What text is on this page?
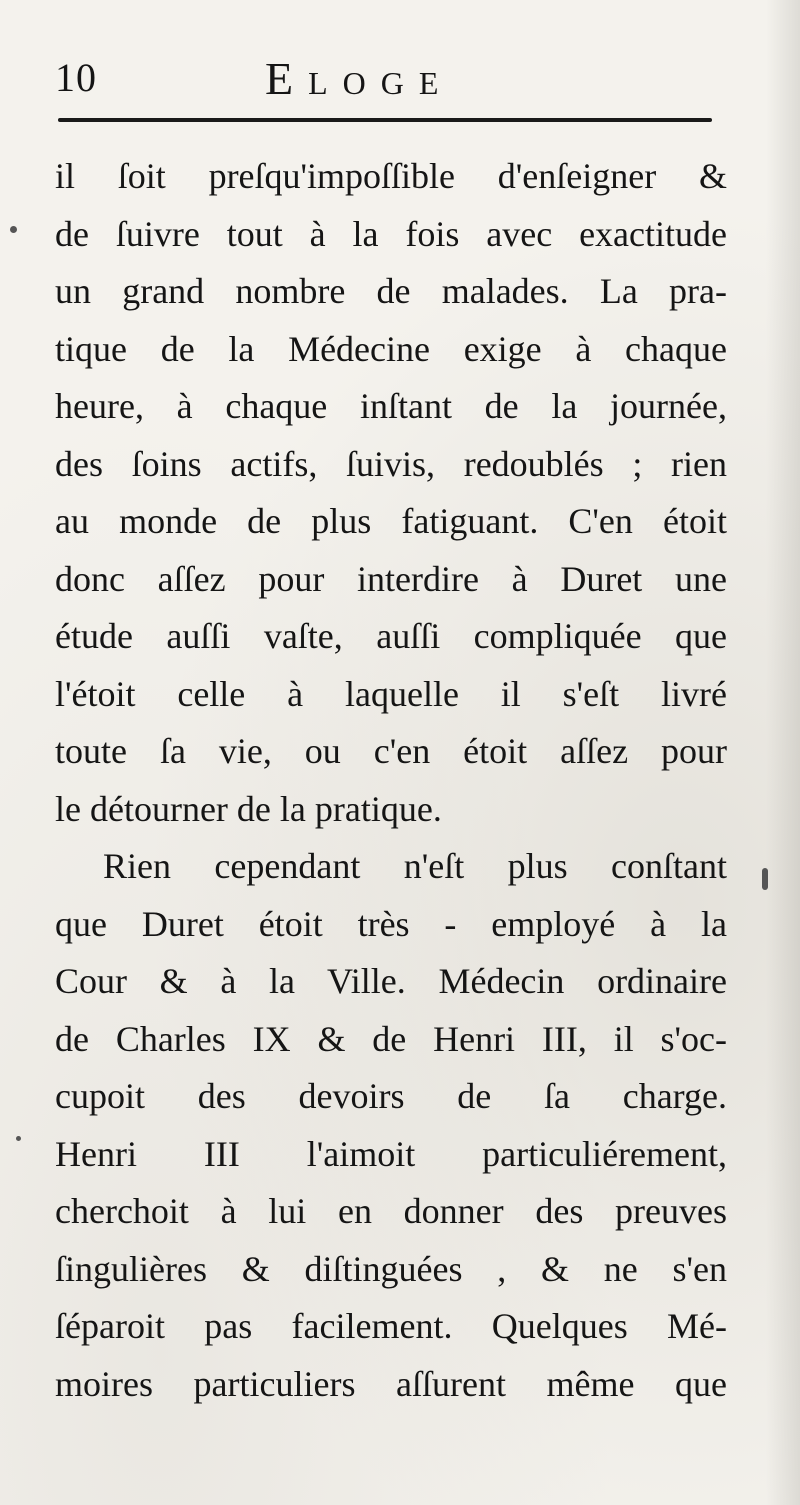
10	Eloge
il ſoit preſqu'impoſſible d'enſeigner &
de ſuivre tout à la fois avec exactitude
un grand nombre de malades. La pra-
tique de la Médecine exige à chaque
heure, à chaque inſtant de la journée,
des ſoins actifs, ſuivis, redoublés ; rien
au monde de plus fatiguant. C'en étoit
donc aſſez pour interdire à Duret une
étude auſſi vaſte, auſſi compliquée que
l'étoit celle à laquelle il s'eſt livré
toute ſa vie, ou c'en étoit aſſez pour
le détourner de la pratique.
Rien cependant n'eſt plus conſtant
que Duret étoit très - employé à la
Cour & à la Ville. Médecin ordinaire
de Charles IX & de Henri III, il s'oc-
cupoit des devoirs de ſa charge.
Henri III l'aimoit particuliérement,
cherchoit à lui en donner des preuves
ſingulières & diſtinguées , & ne s'en
ſéparoit pas facilement. Quelques Mé-
moires particuliers aſſurent même que
